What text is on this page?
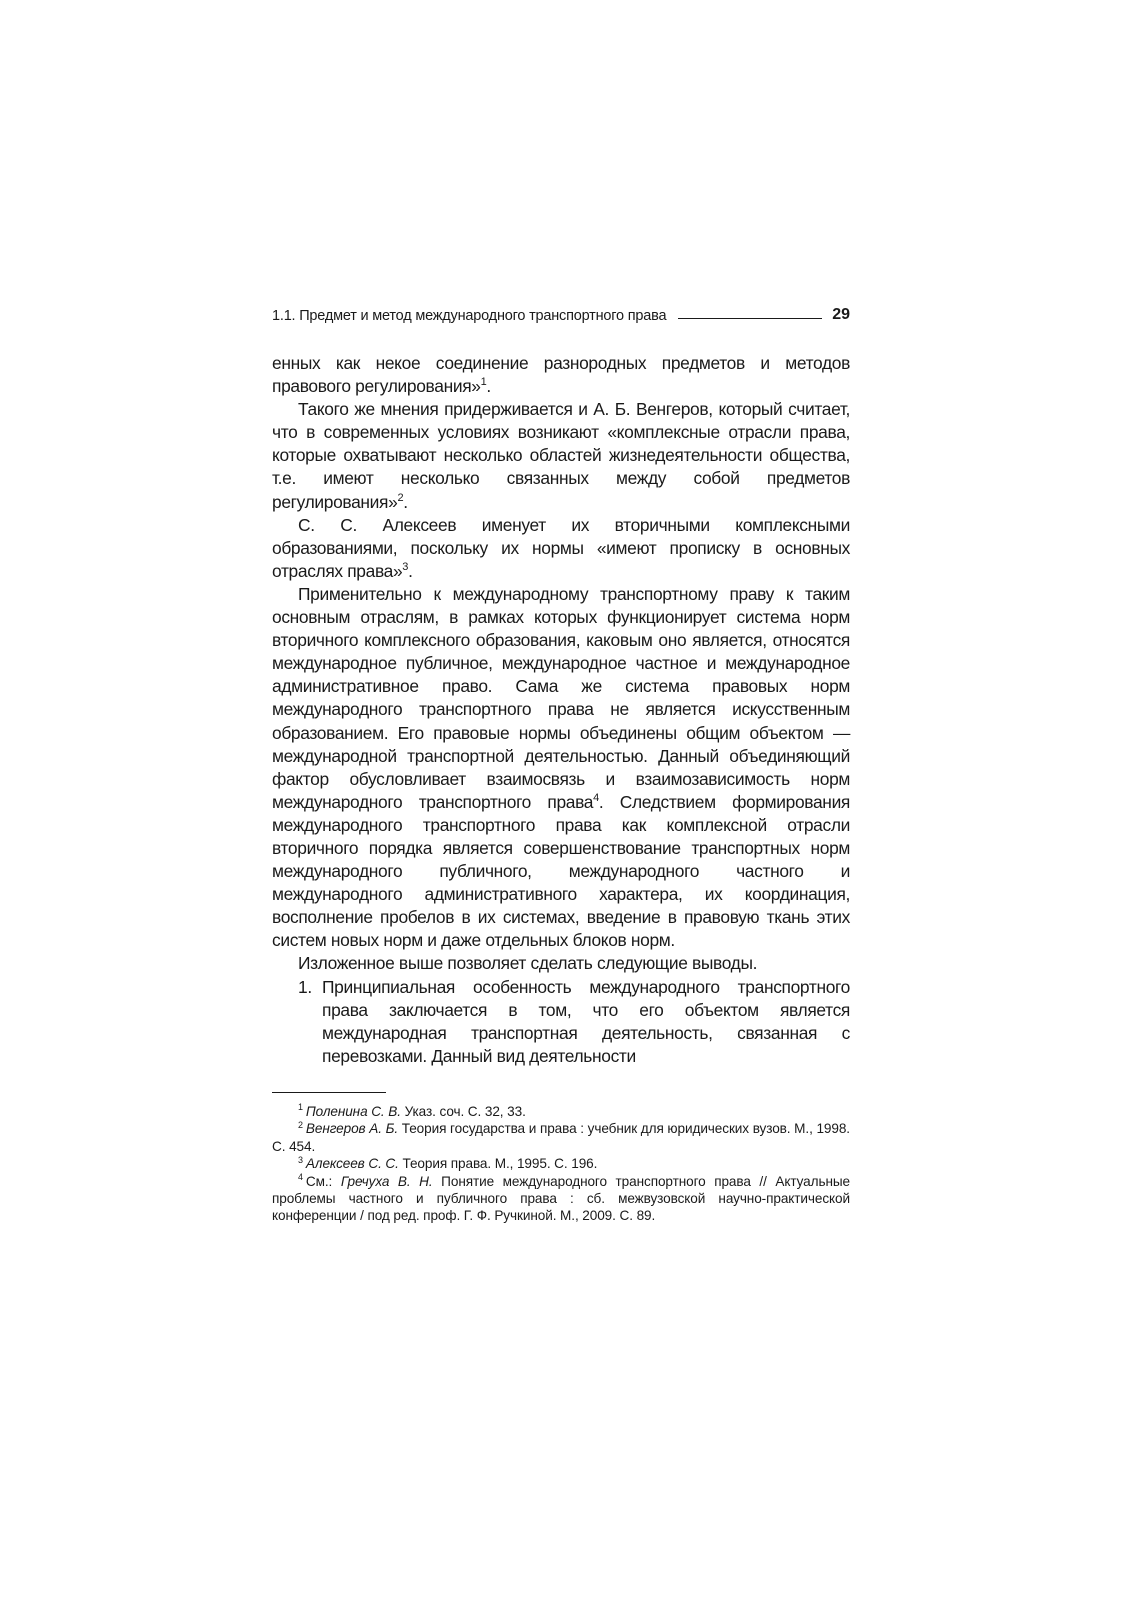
1.1. Предмет и метод международного транспортного права	29

енных как некое соединение разнородных предметов и методов правового регулирования»$^1$.

Такого же мнения придерживается и А. Б. Венгеров, который считает, что в современных условиях возникают «комплексные отрасли права, которые охватывают несколько областей жизнедеятельности общества, т.е. имеют несколько связанных между собой предметов регулирования»$^2$.

С. С. Алексеев именует их вторичными комплексными образованиями, поскольку их нормы «имеют прописку в основных отраслях права»$^3$.

Применительно к международному транспортному праву к таким основным отраслям, в рамках которых функционирует система норм вторичного комплексного образования, каковым оно является, относятся международное публичное, международное частное и международное административное право. Сама же система правовых норм международного транспортного права не является искусственным образованием. Его правовые нормы объединены общим объектом — международной транспортной деятельностью. Данный объединяющий фактор обусловливает взаимосвязь и взаимозависимость норм международного транспортного права$^4$. Следствием формирования международного транспортного права как комплексной отрасли вторичного порядка является совершенствование транспортных норм международного публичного, международного частного и международного административного характера, их координация, восполнение пробелов в их системах, введение в правовую ткань этих систем новых норм и даже отдельных блоков норм.

Изложенное выше позволяет сделать следующие выводы.

1. Принципиальная особенность международного транспортного права заключается в том, что его объектом является международная транспортная деятельность, связанная с перевозками. Данный вид деятельности

$^1$ Поленина С. В. Указ. соч. С. 32, 33.

$^2$ Венгеров А. Б. Теория государства и права : учебник для юридических вузов. М., 1998. С. 454.

$^3$ Алексеев С. С. Теория права. М., 1995. С. 196.

$^4$ См.: Гречуха В. Н. Понятие международного транспортного права // Актуальные проблемы частного и публичного права : сб. межвузовской научно-практической конференции / под ред. проф. Г. Ф. Ручкиной. М., 2009. С. 89.
